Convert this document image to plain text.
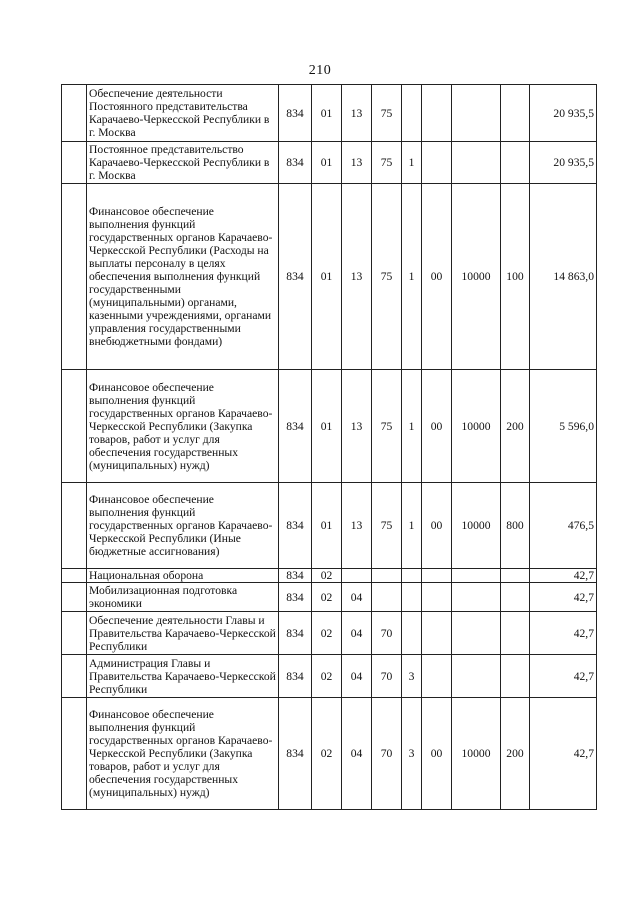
210
	Обеспечение деятельности Постоянного представительства Карачаево-Черкесской Республики в г. Москва	834	01	13	75					20 935,5
	Постоянное представительство Карачаево-Черкесской Республики в г. Москва	834	01	13	75	1				20 935,5
	Финансовое обеспечение выполнения функций государственных органов Карачаево-Черкесской Республики (Расходы на выплаты персоналу в целях обеспечения выполнения функций государственными (муниципальными) органами, казенными учреждениями, органами управления государственными внебюджетными фондами)	834	01	13	75	1	00	10000	100	14 863,0
	Финансовое обеспечение выполнения функций государственных органов Карачаево-Черкесской Республики (Закупка товаров, работ и услуг для обеспечения государственных (муниципальных) нужд)	834	01	13	75	1	00	10000	200	5 596,0
	Финансовое обеспечение выполнения функций государственных органов Карачаево-Черкесской Республики (Иные бюджетные ассигнования)	834	01	13	75	1	00	10000	800	476,5
	Национальная оборона	834	02							42,7
	Мобилизационная подготовка экономики	834	02	04						42,7
	Обеспечение деятельности Главы и Правительства Карачаево-Черкесской Республики	834	02	04	70					42,7
	Администрация Главы и Правительства Карачаево-Черкесской Республики	834	02	04	70	3				42,7
	Финансовое обеспечение выполнения функций государственных органов Карачаево-Черкесской Республики (Закупка товаров, работ и услуг для обеспечения государственных (муниципальных) нужд)	834	02	04	70	3	00	10000	200	42,7
